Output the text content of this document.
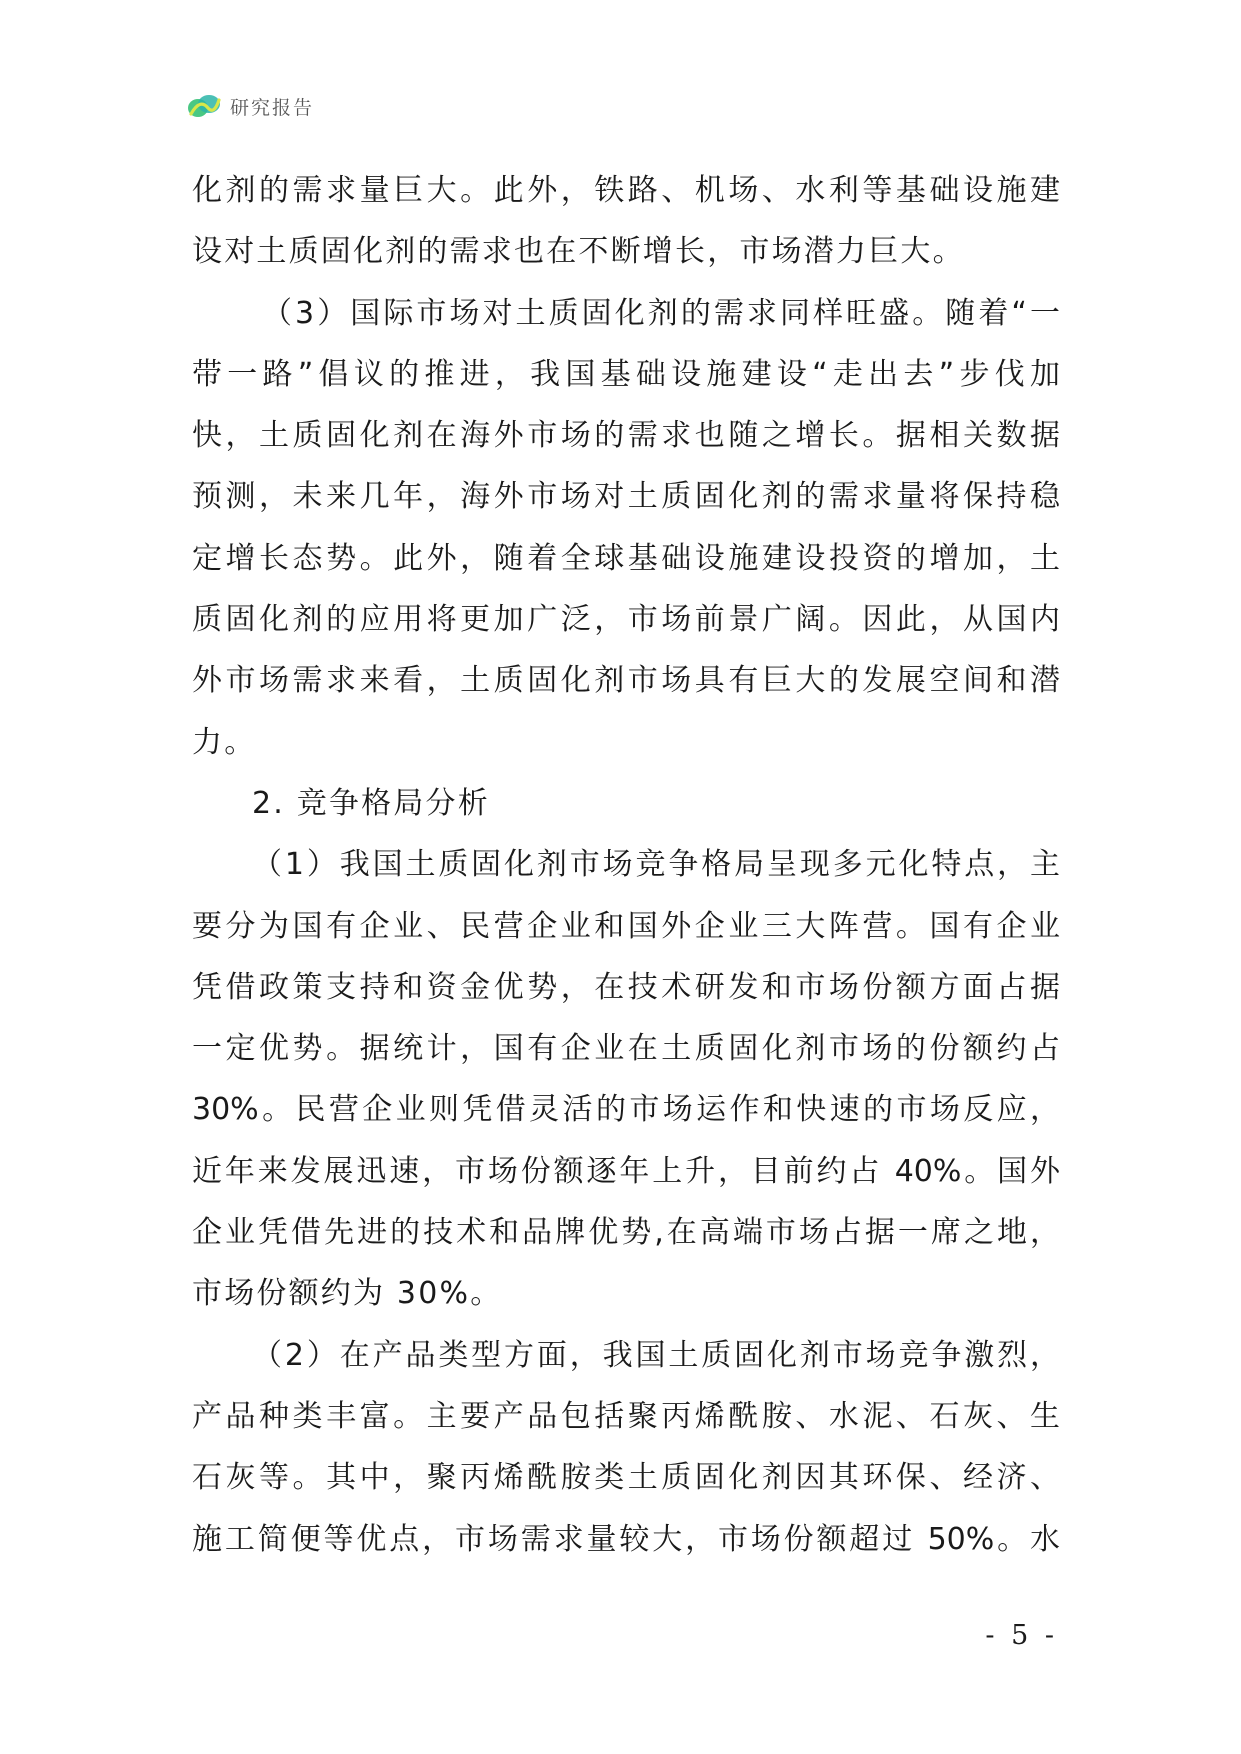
研究报告
化剂的需求量巨大。此外，铁路、机场、水利等基础设施建
设对土质固化剂的需求也在不断增长，市场潜力巨大。
（3）国际市场对土质固化剂的需求同样旺盛。随着“一
带一路”倡议的推进，我国基础设施建设“走出去”步伐加
快，土质固化剂在海外市场的需求也随之增长。据相关数据
预测，未来几年，海外市场对土质固化剂的需求量将保持稳
定增长态势。此外，随着全球基础设施建设投资的增加，土
质固化剂的应用将更加广泛，市场前景广阔。因此，从国内
外市场需求来看，土质固化剂市场具有巨大的发展空间和潜
力。
2. 竞争格局分析
（1）我国土质固化剂市场竞争格局呈现多元化特点，主
要分为国有企业、民营企业和国外企业三大阵营。国有企业
凭借政策支持和资金优势，在技术研发和市场份额方面占据
一定优势。据统计，国有企业在土质固化剂市场的份额约占
30%。民营企业则凭借灵活的市场运作和快速的市场反应，
近年来发展迅速，市场份额逐年上升，目前约占 40%。国外
企业凭借先进的技术和品牌优势,在高端市场占据一席之地，
市场份额约为 30%。
（2）在产品类型方面，我国土质固化剂市场竞争激烈，
产品种类丰富。主要产品包括聚丙烯酰胺、水泥、石灰、生
石灰等。其中，聚丙烯酰胺类土质固化剂因其环保、经济、
施工简便等优点，市场需求量较大，市场份额超过 50%。水
- 5 -
